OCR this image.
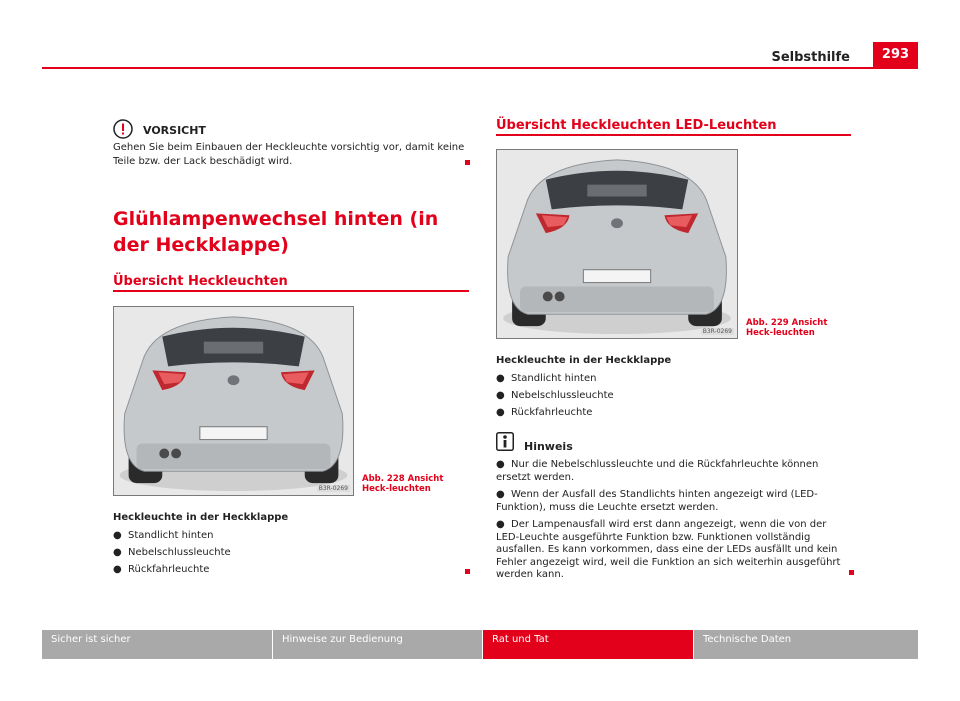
Selbsthilfe	293
VORSICHT
Gehen Sie beim Einbauen der Heckleuchte vorsichtig vor, damit keine Teile bzw. der Lack beschädigt wird.
Glühlampenwechsel hinten (in der Heckklappe)
Übersicht Heckleuchten
B3R-0269
Abb. 228 Ansicht Heck-leuchten
Heckleuchte in der Heckklappe
● Standlicht hinten
● Nebelschlussleuchte
● Rückfahrleuchte
Übersicht Heckleuchten LED-Leuchten
B3R-0269
Abb. 229 Ansicht Heck-leuchten
Heckleuchte in der Heckklappe
● Standlicht hinten
● Nebelschlussleuchte
● Rückfahrleuchte
Hinweis
● Nur die Nebelschlussleuchte und die Rückfahrleuchte können ersetzt werden.
● Wenn der Ausfall des Standlichts hinten angezeigt wird (LED-Funktion), muss die Leuchte ersetzt werden.
● Der Lampenausfall wird erst dann angezeigt, wenn die von der LED-Leuchte ausgeführte Funktion bzw. Funktionen vollständig ausfallen. Es kann vorkommen, dass eine der LEDs ausfällt und kein Fehler angezeigt wird, weil die Funktion an sich weiterhin ausgeführt werden kann.
Sicher ist sicher	Hinweise zur Bedienung	Rat und Tat	Technische Daten
